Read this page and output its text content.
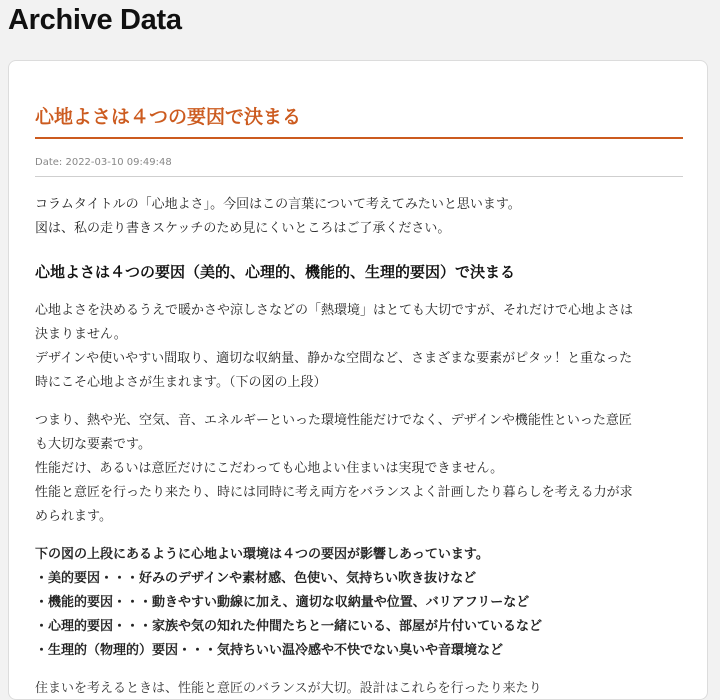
Archive Data
心地よさは４つの要因で決まる
Date: 2022-03-10 09:49:48

コラムタイトルの「心地よさ」。今回はこの言葉について考えてみたいと思います。
図は、私の走り書きスケッチのため見にくいところはご了承ください。

心地よさは４つの要因（美的、心理的、機能的、生理的要因）で決まる

心地よさを決めるうえで暖かさや涼しさなどの「熱環境」はとても大切ですが、それだけで心地よさは
決まりません。
デザインや使いやすい間取り、適切な収納量、静かな空間など、さまざまな要素がピタッ！と重なった
時にこそ心地よさが生まれます。（下の図の上段）

つまり、熱や光、空気、音、エネルギーといった環境性能だけでなく、デザインや機能性といった意匠
も大切な要素です。
性能だけ、あるいは意匠だけにこだわっても心地よい住まいは実現できません。
性能と意匠を行ったり来たり、時には同時に考え両方をバランスよく計画したり暮らしを考える力が求
められます。

下の図の上段にあるように心地よい環境は４つの要因が影響しあっています。
・美的要因・・・好みのデザインや素材感、色使い、気持ちい吹き抜けなど
・機能的要因・・・動きやすい動線に加え、適切な収納量や位置、バリアフリーなど
・心理的要因・・・家族や気の知れた仲間たちと一緒にいる、部屋が片付いているなど
・生理的（物理的）要因・・・気持ちいい温冷感や不快でない臭いや音環境など

住まいを考えるときは、性能と意匠のバランスが大切。設計はこれらを行ったり来たり
